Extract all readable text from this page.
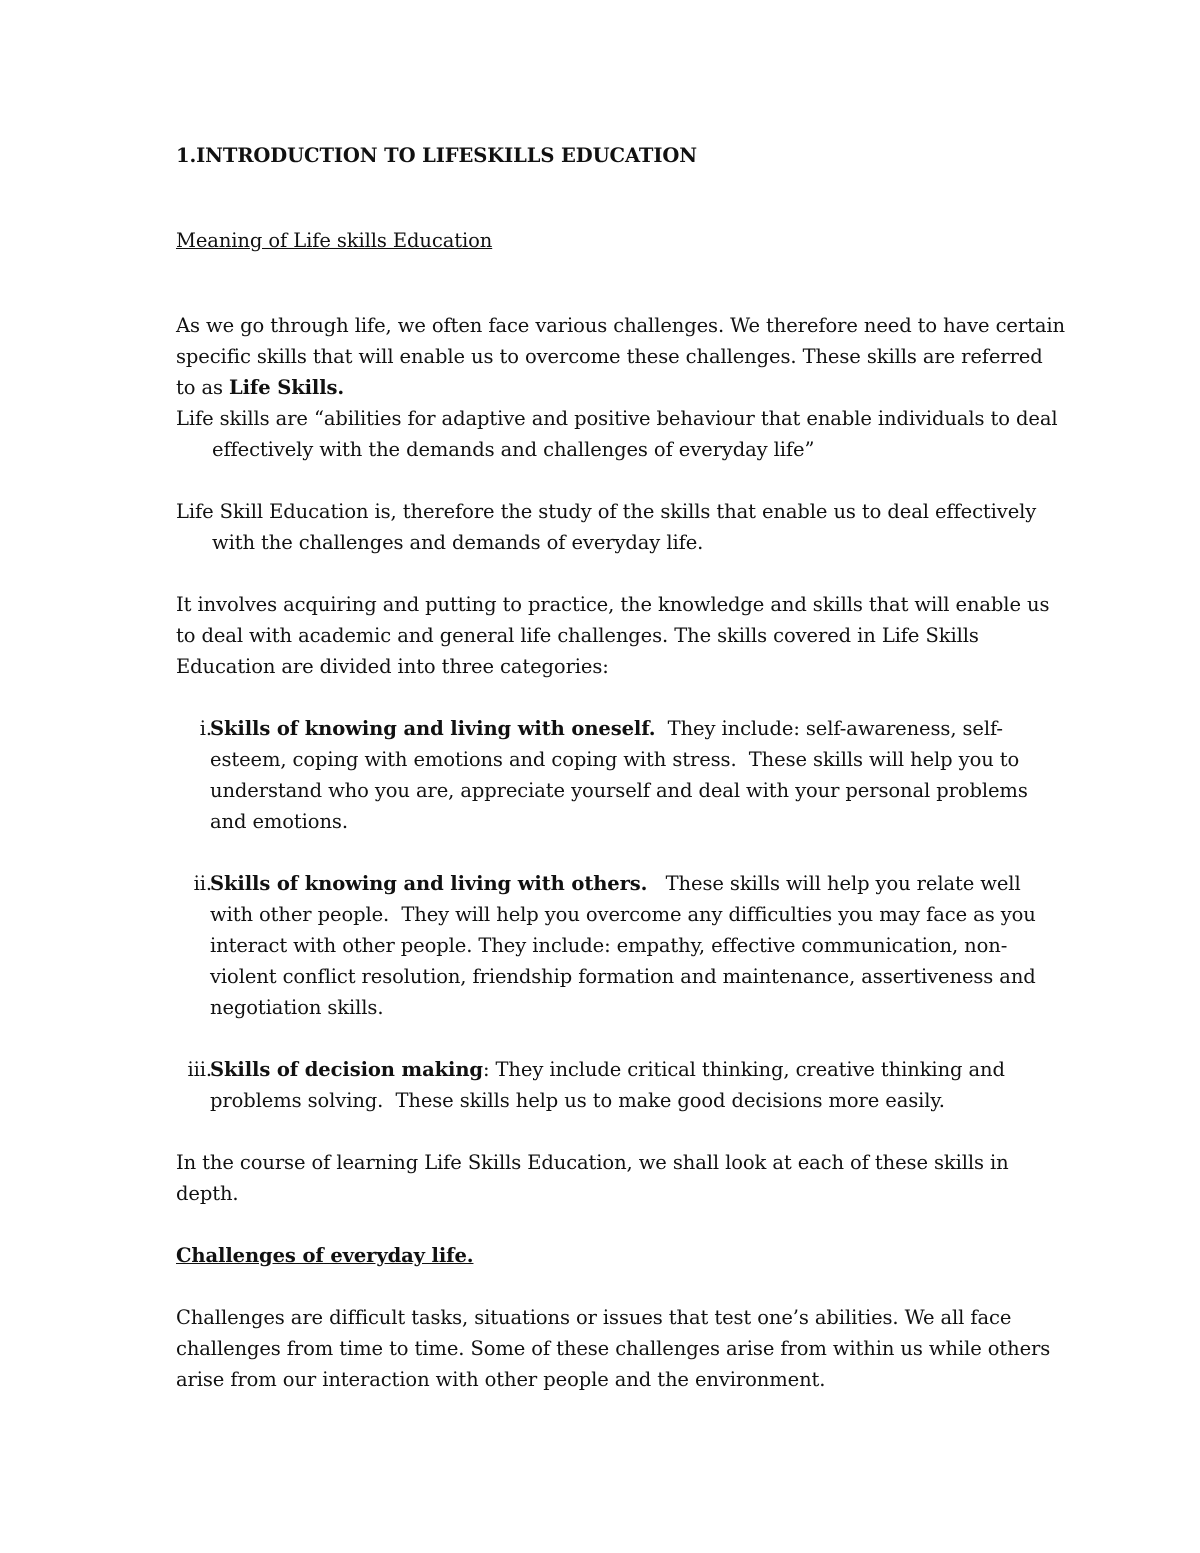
1.INTRODUCTION TO LIFESKILLS EDUCATION

Meaning of Life skills Education

As we go through life, we often face various challenges. We therefore need to have certain specific skills that will enable us to overcome these challenges. These skills are referred to as Life Skills.

Life skills are “abilities for adaptive and positive behaviour that enable individuals to deal effectively with the demands and challenges of everyday life”

Life Skill Education is, therefore the study of the skills that enable us to deal effectively with the challenges and demands of everyday life.

It involves acquiring and putting to practice, the knowledge and skills that will enable us to deal with academic and general life challenges. The skills covered in Life Skills Education are divided into three categories:

i.
Skills of knowing and living with oneself.  They include: self-awareness, self-esteem, coping with emotions and coping with stress.  These skills will help you to understand who you are, appreciate yourself and deal with your personal problems and emotions.
ii.
Skills of knowing and living with others.   These skills will help you relate well with other people.  They will help you overcome any difficulties you may face as you interact with other people. They include: empathy, effective communication, non-violent conflict resolution, friendship formation and maintenance, assertiveness and negotiation skills.
iii.
Skills of decision making: They include critical thinking, creative thinking and problems solving.  These skills help us to make good decisions more easily.

In the course of learning Life Skills Education, we shall look at each of these skills in depth.

Challenges of everyday life.

Challenges are difficult tasks, situations or issues that test one’s abilities. We all face challenges from time to time. Some of these challenges arise from within us while others arise from our interaction with other people and the environment.
